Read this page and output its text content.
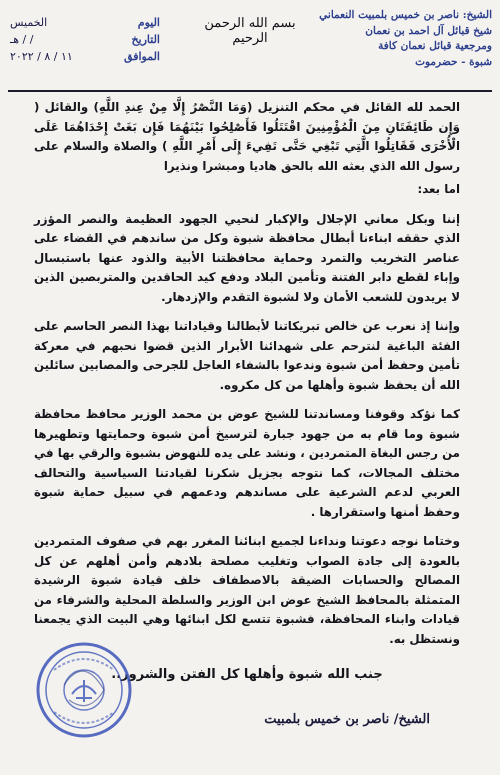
الشيخ: ناصر بن خميس بلمبيت النعماني
شيخ قبائل آل احمد بن نعمان
ومرجعية قبائل نعمان كافة
شبوة - حضرموت
بسم الله الرحمن الرحيم
اليوم
الخميس
التاريخ
/ / هـ
الموافق
١١ / ٨ / ٢٠٢٢

الحمد لله القائل في محكم التنزيل (وَمَا النَّصْرُ إِلَّا مِنْ عِندِ اللَّهِ) والقائل ( وَإِن طَائِفَتَانِ مِنَ الْمُؤْمِنِينَ اقْتَتَلُوا فَأَصْلِحُوا بَيْنَهُمَا فَإِن بَغَتْ إِحْدَاهُمَا عَلَى الْأُخْرَى فَقَاتِلُوا الَّتِي تَبْغِي حَتَّى تَفِيءَ إِلَى أَمْرِ اللَّهِ ) والصلاة والسلام على رسول الله الذي بعثه الله بالحق هاديا ومبشرا ونذيرا

اما بعد:

إننا وبكل معاني الإجلال والإكبار لنحيي الجهود العظيمة والنصر المؤزر الذي حققه ابناءنا أبطال محافظة شبوة وكل من ساندهم في القضاء على عناصر التخريب والتمرد وحماية محافظتنا الأبية والذود عنها باستبسال وإباء لقطع دابر الفتنة وتأمين البلاد ودفع كيد الحاقدين والمتربصين الذين لا يريدون للشعب الأمان ولا لشبوة التقدم والإزدهار.

وإننا إذ نعرب عن خالص تبريكاتنا لأبطالنا وقياداتنا بهذا النصر الحاسم على الفئة الباغية لنترحم على شهدائنا الأبرار الذين قضوا نحبهم في معركة تأمين وحفظ أمن شبوة وندعوا بالشفاء العاجل للجرحى والمصابين سائلين الله أن يحفظ شبوة وأهلها من كل مكروه.

كما نؤكد وقوفنا ومساندتنا للشيخ عوض بن محمد الوزير محافظ محافظة شبوة وما قام به من جهود جبارة لترسيخ أمن شبوة وحمايتها وتطهيرها من رجس البغاة المتمردين ، ونشد على يده للنهوض بشبوة والرقي بها في مختلف المجالات، كما نتوجه بجزيل شكرنا لقيادتنا السياسية والتحالف العربي لدعم الشرعية على مساندهم ودعمهم في سبيل حماية شبوة وحفظ أمنها واستقرارها .

وختاما نوجه دعوتنا ونداءنا لجميع ابنائنا المغرر بهم في صفوف المتمردين بالعودة إلى جادة الصواب وتغليب مصلحة بلادهم وأمن أهلهم عن كل المصالح والحسابات الضيقة بالاصطفاف خلف قيادة شبوة الرشيدة المتمثلة بالمحافظ الشيخ عوض ابن الوزير والسلطة المحلية والشرفاء من قيادات وابناء المحافظة، فشبوة تتسع لكل ابنائها وهي البيت الذي يجمعنا ونستظل به.

جنب الله شبوة وأهلها كل الفتن والشرور..

الشيخ/ ناصر بن خميس بلمبيت
